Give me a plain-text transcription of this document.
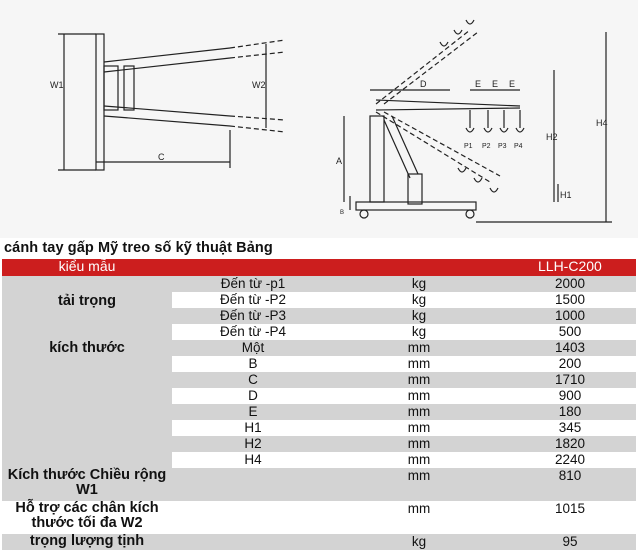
W1	W2
C
D	E E E
P1 P2 P3 P4
A
B
H2
H1
H4
cánh tay gấp Mỹ treo số kỹ thuật Bảng
kiểu mẫu			LLH-C200
tải trọng	Đến từ -p1	kg	2000
	Đến từ -P2	kg	1500
	Đến từ -P3	kg	1000
	Đến từ -P4	kg	500
kích thước	Một	mm	1403
	B	mm	200
	C	mm	1710
	D	mm	900
	E	mm	180
	H1	mm	345
	H2	mm	1820
	H4	mm	2240
Kích thước Chiều rộng W1		mm	810
Hỗ trợ các chân kích thước tối đa W2		mm	1015
trọng lượng tịnh		kg	95
